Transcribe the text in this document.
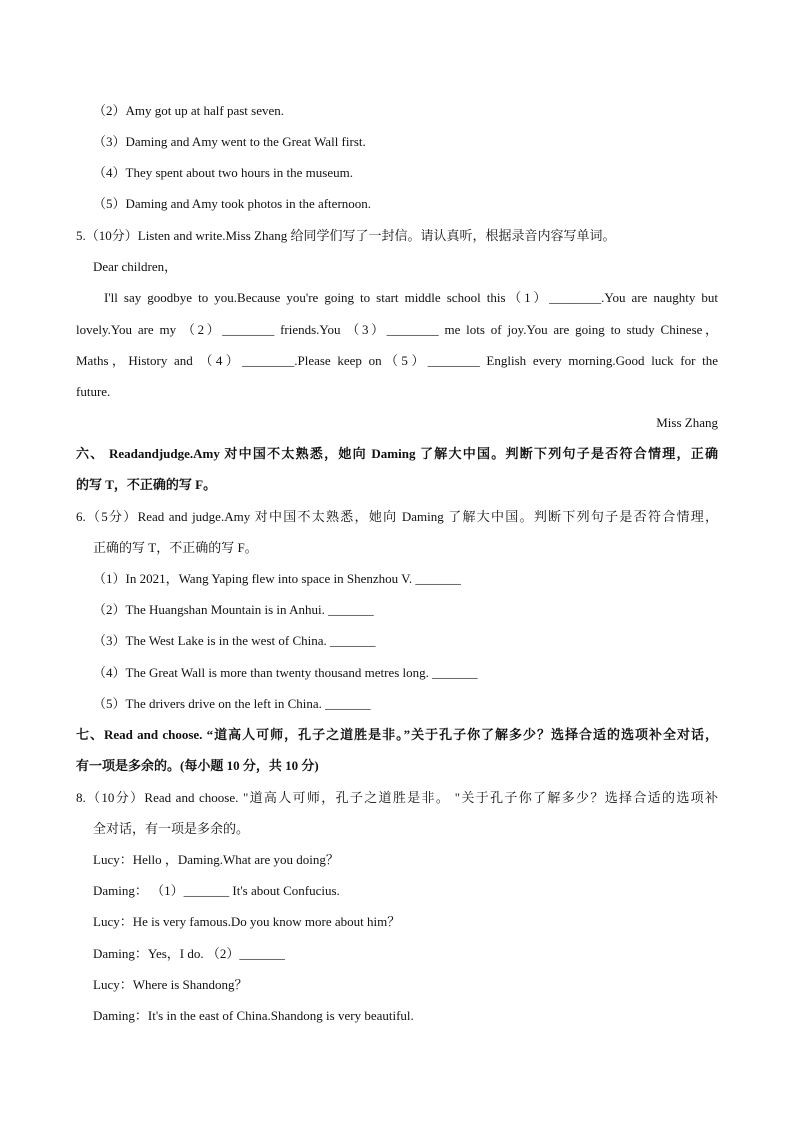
（2）Amy got up at half past seven.
（3）Daming and Amy went to the Great Wall first.
（4）They spent about two hours in the museum.
（5）Daming and Amy took photos in the afternoon.
5.（10分）Listen and write.Miss Zhang 给同学们写了一封信。请认真听，根据录音内容写单词。
Dear children，
I'll say goodbye to you.Because you're going to start middle school this（1）________.You are naughty but
lovely.You are my （2）________ friends.You （3）________ me lots of joy.You are going to study Chinese，
Maths，History and （4）________.Please keep on（5）________ English every morning.Good luck for the
future.
Miss Zhang
六、 Readandjudge.Amy 对中国不太熟悉，她向 Daming 了解大中国。判断下列句子是否符合情理，正确
的写 T，不正确的写 F。
6.（5分）Read and judge.Amy 对中国不太熟悉，她向 Daming 了解大中国。判断下列句子是否符合情理，
正确的写 T，不正确的写 F。
（1）In 2021，Wang Yaping flew into space in Shenzhou V. _______
（2）The Huangshan Mountain is in Anhui. _______
（3）The West Lake is in the west of China. _______
（4）The Great Wall is more than twenty thousand metres long. _______
（5）The drivers drive on the left in China. _______
七、Read and choose. “道高人可师，孔子之道胜是非。”关于孔子你了解多少？选择合适的选项补全对话，
有一项是多余的。(每小题 10 分，共 10 分)
8.（10分）Read and choose. "道高人可师，孔子之道胜是非。 "关于孔子你了解多少？选择合适的选项补
全对话，有一项是多余的。
Lucy：Hello ，Daming.What are you doing？
Daming： （1）_______ It's about Confucius.
Lucy：He is very famous.Do you know more about him？
Daming：Yes，I do. （2）_______
Lucy：Where is Shandong？
Daming：It's in the east of China.Shandong is very beautiful.
